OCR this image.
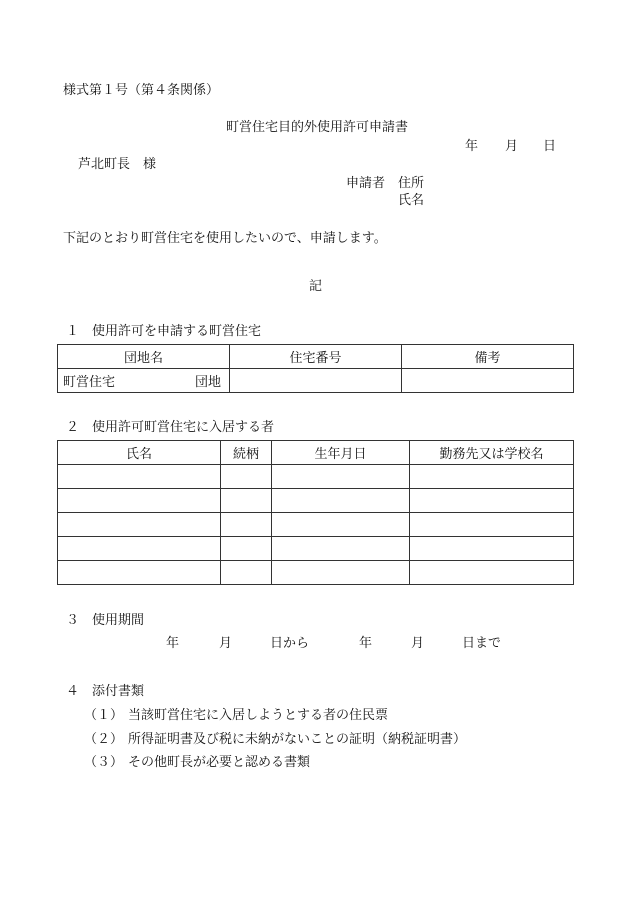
様式第１号（第４条関係）
町営住宅目的外使用許可申請書
年 月 日
芦北町長　様
申請者 住所
氏名
下記のとおり町営住宅を使用したいので、申請します。
記
１　使用許可を申請する町営住宅
団地名	住宅番号	備考

町営住宅 団地		

２　使用許可町営住宅に入居する者
氏名	続柄	生年月日	勤務先又は学校名

３　使用期間
年	月	日から	年	月	日まで
４　添付書類
（１） 当該町営住宅に入居しようとする者の住民票
（２） 所得証明書及び税に未納がないことの証明（納税証明書）
（３） その他町長が必要と認める書類
